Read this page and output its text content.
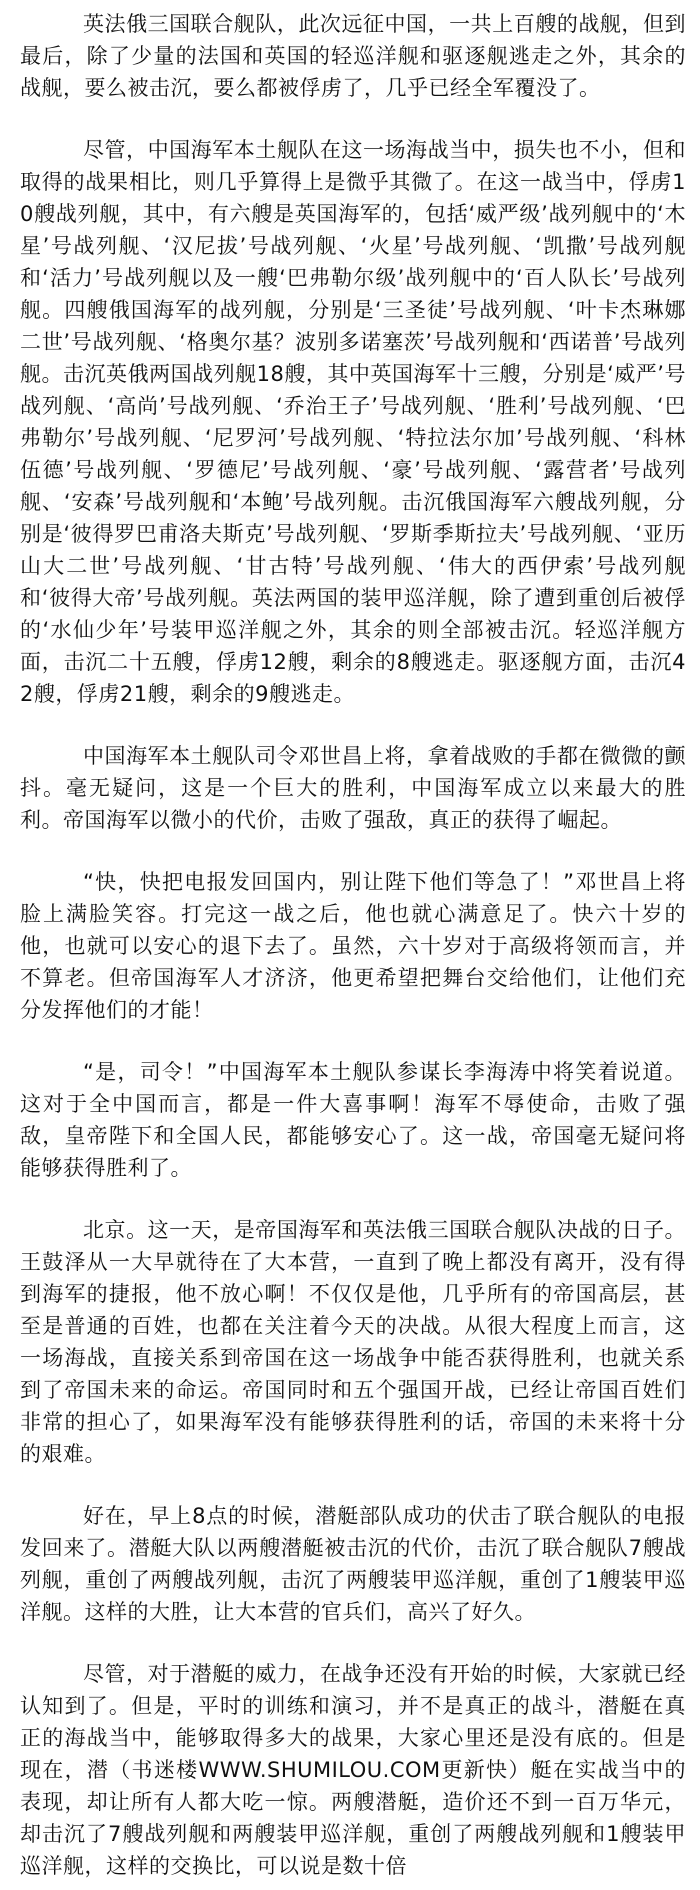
英法俄三国联合舰队，此次远征中国，一共上百艘的战舰，但到最后，除了少量的法国和英国的轻巡洋舰和驱逐舰逃走之外，其余的战舰，要么被击沉，要么都被俘虏了，几乎已经全军覆没了。

尽管，中国海军本土舰队在这一场海战当中，损失也不小，但和取得的战果相比，则几乎算得上是微乎其微了。在这一战当中，俘虏10艘战列舰，其中，有六艘是英国海军的，包括‘威严级’战列舰中的‘木星’号战列舰、‘汉尼拔’号战列舰、‘火星’号战列舰、‘凯撒’号战列舰和‘活力’号战列舰以及一艘‘巴弗勒尔级’战列舰中的‘百人队长’号战列舰。四艘俄国海军的战列舰，分别是‘三圣徒’号战列舰、‘叶卡杰琳娜二世’号战列舰、‘格奥尔基？波别多诺塞茨’号战列舰和‘西诺普’号战列舰。击沉英俄两国战列舰18艘，其中英国海军十三艘，分别是‘威严’号战列舰、‘高尚’号战列舰、‘乔治王子’号战列舰、‘胜利’号战列舰、‘巴弗勒尔’号战列舰、‘尼罗河’号战列舰、‘特拉法尔加’号战列舰、‘科林伍德’号战列舰、‘罗德尼’号战列舰、‘豪’号战列舰、‘露营者’号战列舰、‘安森’号战列舰和‘本鲍’号战列舰。击沉俄国海军六艘战列舰，分别是‘彼得罗巴甫洛夫斯克’号战列舰、‘罗斯季斯拉夫’号战列舰、‘亚历山大二世’号战列舰、‘甘古特’号战列舰、‘伟大的西伊索’号战列舰和‘彼得大帝’号战列舰。英法两国的装甲巡洋舰，除了遭到重创后被俘的‘水仙少年’号装甲巡洋舰之外，其余的则全部被击沉。轻巡洋舰方面，击沉二十五艘，俘虏12艘，剩余的8艘逃走。驱逐舰方面，击沉42艘，俘虏21艘，剩余的9艘逃走。

中国海军本土舰队司令邓世昌上将，拿着战败的手都在微微的颤抖。毫无疑问，这是一个巨大的胜利，中国海军成立以来最大的胜利。帝国海军以微小的代价，击败了强敌，真正的获得了崛起。

“快，快把电报发回国内，别让陛下他们等急了！”邓世昌上将脸上满脸笑容。打完这一战之后，他也就心满意足了。快六十岁的他，也就可以安心的退下去了。虽然，六十岁对于高级将领而言，并不算老。但帝国海军人才济济，他更希望把舞台交给他们，让他们充分发挥他们的才能！

“是，司令！”中国海军本土舰队参谋长李海涛中将笑着说道。这对于全中国而言，都是一件大喜事啊！海军不辱使命，击败了强敌，皇帝陛下和全国人民，都能够安心了。这一战，帝国毫无疑问将能够获得胜利了。

北京。这一天，是帝国海军和英法俄三国联合舰队决战的日子。王鼓泽从一大早就待在了大本营，一直到了晚上都没有离开，没有得到海军的捷报，他不放心啊！不仅仅是他，几乎所有的帝国高层，甚至是普通的百姓，也都在关注着今天的决战。从很大程度上而言，这一场海战，直接关系到帝国在这一场战争中能否获得胜利，也就关系到了帝国未来的命运。帝国同时和五个强国开战，已经让帝国百姓们非常的担心了，如果海军没有能够获得胜利的话，帝国的未来将十分的艰难。

好在，早上8点的时候，潜艇部队成功的伏击了联合舰队的电报发回来了。潜艇大队以两艘潜艇被击沉的代价，击沉了联合舰队7艘战列舰，重创了两艘战列舰，击沉了两艘装甲巡洋舰，重创了1艘装甲巡洋舰。这样的大胜，让大本营的官兵们，高兴了好久。

尽管，对于潜艇的威力，在战争还没有开始的时候，大家就已经认知到了。但是，平时的训练和演习，并不是真正的战斗，潜艇在真正的海战当中，能够取得多大的战果，大家心里还是没有底的。但是现在，潜（书迷楼WWW.SHUMILOU.COM更新快）艇在实战当中的表现，却让所有人都大吃一惊。两艘潜艇，造价还不到一百万华元，却击沉了7艘战列舰和两艘装甲巡洋舰，重创了两艘战列舰和1艘装甲巡洋舰，这样的交换比，可以说是数十倍
